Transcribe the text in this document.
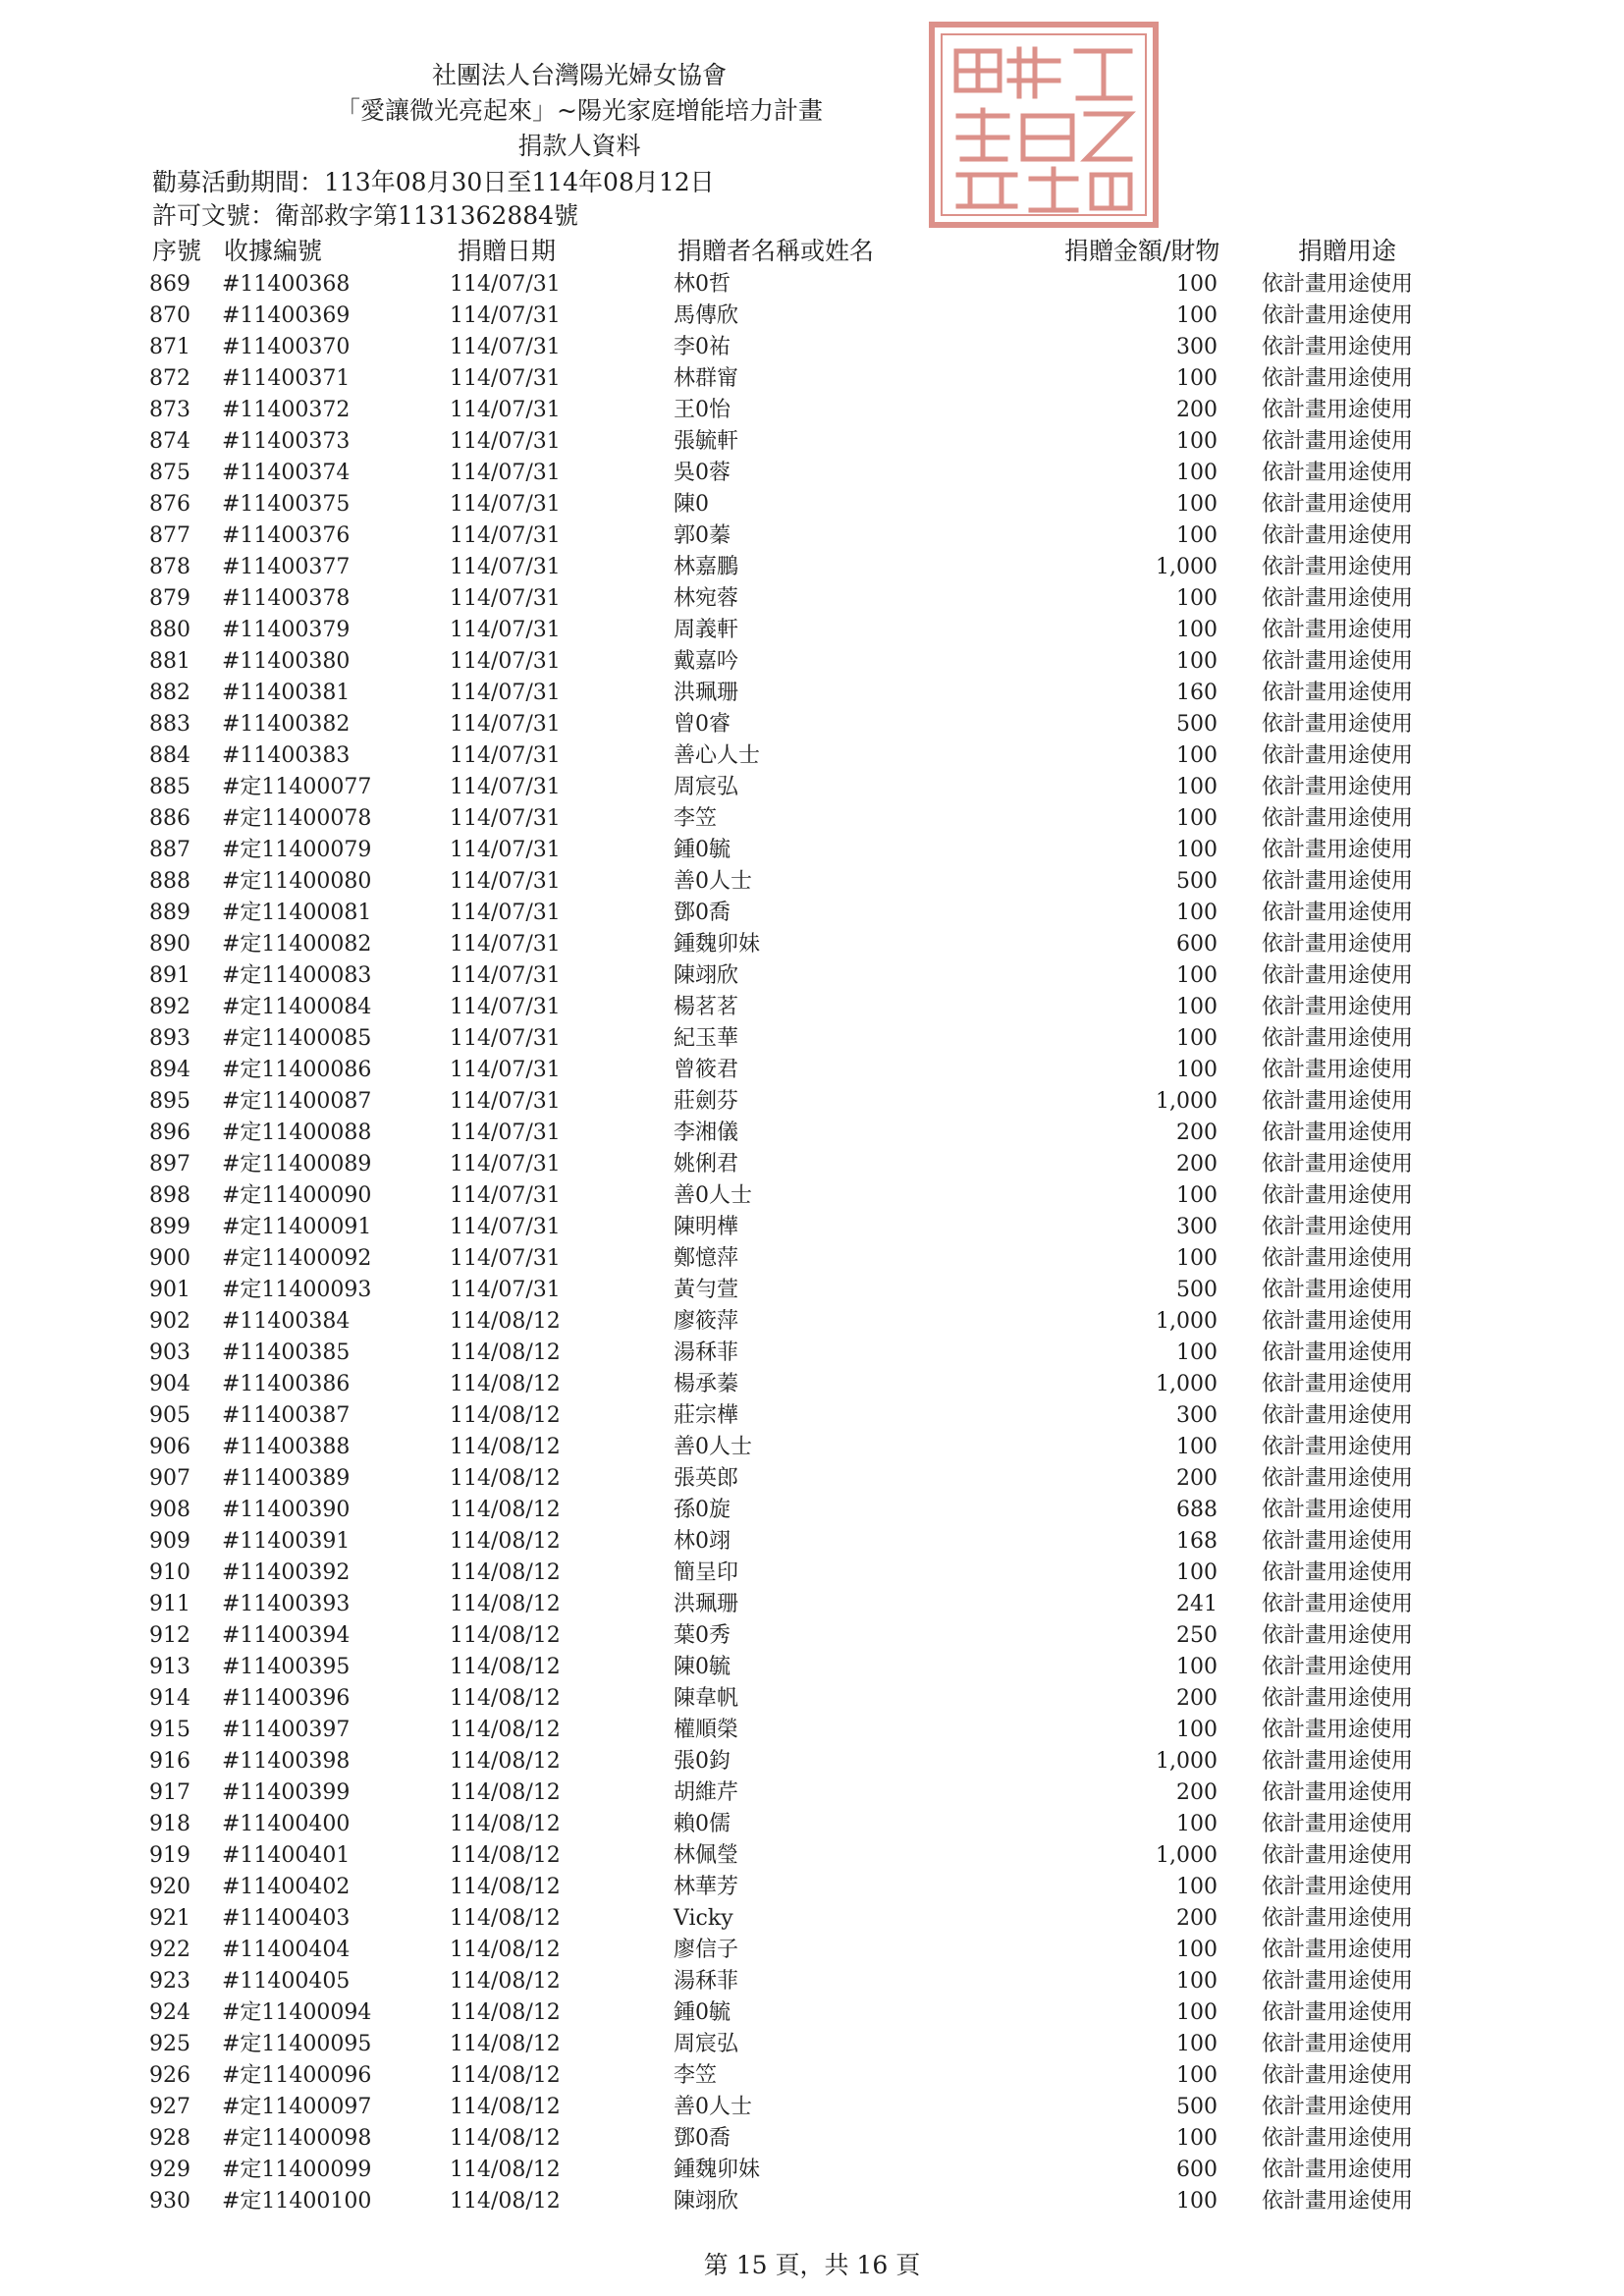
社團法人台灣陽光婦女協會
「愛讓微光亮起來」~陽光家庭增能培力計畫
捐款人資料
勸募活動期間：113年08月30日至114年08月12日
許可文號：衛部救字第1131362884號
序號 收據編號	捐贈日期	捐贈者名稱或姓名	捐贈金額/財物	捐贈用途
869 #11400368	114/07/31	林0哲	100 依計畫用途使用
870 #11400369	114/07/31	馬傳欣	100 依計畫用途使用
871 #11400370	114/07/31	李0祐	300 依計畫用途使用
872 #11400371	114/07/31	林群甯	100 依計畫用途使用
873 #11400372	114/07/31	王0怡	200 依計畫用途使用
874 #11400373	114/07/31	張毓軒	100 依計畫用途使用
875 #11400374	114/07/31	吳0蓉	100 依計畫用途使用
876 #11400375	114/07/31	陳0	100 依計畫用途使用
877 #11400376	114/07/31	郭0蓁	100 依計畫用途使用
878 #11400377	114/07/31	林嘉鵬	1,000 依計畫用途使用
879 #11400378	114/07/31	林宛蓉	100 依計畫用途使用
880 #11400379	114/07/31	周義軒	100 依計畫用途使用
881 #11400380	114/07/31	戴嘉吟	100 依計畫用途使用
882 #11400381	114/07/31	洪珮珊	160 依計畫用途使用
883 #11400382	114/07/31	曾0睿	500 依計畫用途使用
884 #11400383	114/07/31	善心人士	100 依計畫用途使用
885 #定11400077	114/07/31	周宸弘	100 依計畫用途使用
886 #定11400078	114/07/31	李笠	100 依計畫用途使用
887 #定11400079	114/07/31	鍾0毓	100 依計畫用途使用
888 #定11400080	114/07/31	善0人士	500 依計畫用途使用
889 #定11400081	114/07/31	鄧0喬	100 依計畫用途使用
890 #定11400082	114/07/31	鍾魏卯妹	600 依計畫用途使用
891 #定11400083	114/07/31	陳翊欣	100 依計畫用途使用
892 #定11400084	114/07/31	楊茗茗	100 依計畫用途使用
893 #定11400085	114/07/31	紀玉華	100 依計畫用途使用
894 #定11400086	114/07/31	曾筱君	100 依計畫用途使用
895 #定11400087	114/07/31	莊劍芬	1,000 依計畫用途使用
896 #定11400088	114/07/31	李湘儀	200 依計畫用途使用
897 #定11400089	114/07/31	姚俐君	200 依計畫用途使用
898 #定11400090	114/07/31	善0人士	100 依計畫用途使用
899 #定11400091	114/07/31	陳明樺	300 依計畫用途使用
900 #定11400092	114/07/31	鄭憶萍	100 依計畫用途使用
901 #定11400093	114/07/31	黃勻萱	500 依計畫用途使用
902 #11400384	114/08/12	廖筱萍	1,000 依計畫用途使用
903 #11400385	114/08/12	湯秝菲	100 依計畫用途使用
904 #11400386	114/08/12	楊承蓁	1,000 依計畫用途使用
905 #11400387	114/08/12	莊宗樺	300 依計畫用途使用
906 #11400388	114/08/12	善0人士	100 依計畫用途使用
907 #11400389	114/08/12	張英郎	200 依計畫用途使用
908 #11400390	114/08/12	孫0旋	688 依計畫用途使用
909 #11400391	114/08/12	林0翊	168 依計畫用途使用
910 #11400392	114/08/12	簡呈印	100 依計畫用途使用
911 #11400393	114/08/12	洪珮珊	241 依計畫用途使用
912 #11400394	114/08/12	葉0秀	250 依計畫用途使用
913 #11400395	114/08/12	陳0毓	100 依計畫用途使用
914 #11400396	114/08/12	陳韋帆	200 依計畫用途使用
915 #11400397	114/08/12	權順榮	100 依計畫用途使用
916 #11400398	114/08/12	張0鈞	1,000 依計畫用途使用
917 #11400399	114/08/12	胡維芹	200 依計畫用途使用
918 #11400400	114/08/12	賴0儒	100 依計畫用途使用
919 #11400401	114/08/12	林佩瑩	1,000 依計畫用途使用
920 #11400402	114/08/12	林華芳	100 依計畫用途使用
921 #11400403	114/08/12	Vicky	200 依計畫用途使用
922 #11400404	114/08/12	廖信子	100 依計畫用途使用
923 #11400405	114/08/12	湯秝菲	100 依計畫用途使用
924 #定11400094	114/08/12	鍾0毓	100 依計畫用途使用
925 #定11400095	114/08/12	周宸弘	100 依計畫用途使用
926 #定11400096	114/08/12	李笠	100 依計畫用途使用
927 #定11400097	114/08/12	善0人士	500 依計畫用途使用
928 #定11400098	114/08/12	鄧0喬	100 依計畫用途使用
929 #定11400099	114/08/12	鍾魏卯妹	600 依計畫用途使用
930 #定11400100	114/08/12	陳翊欣	100 依計畫用途使用
第 15 頁，共 16 頁
